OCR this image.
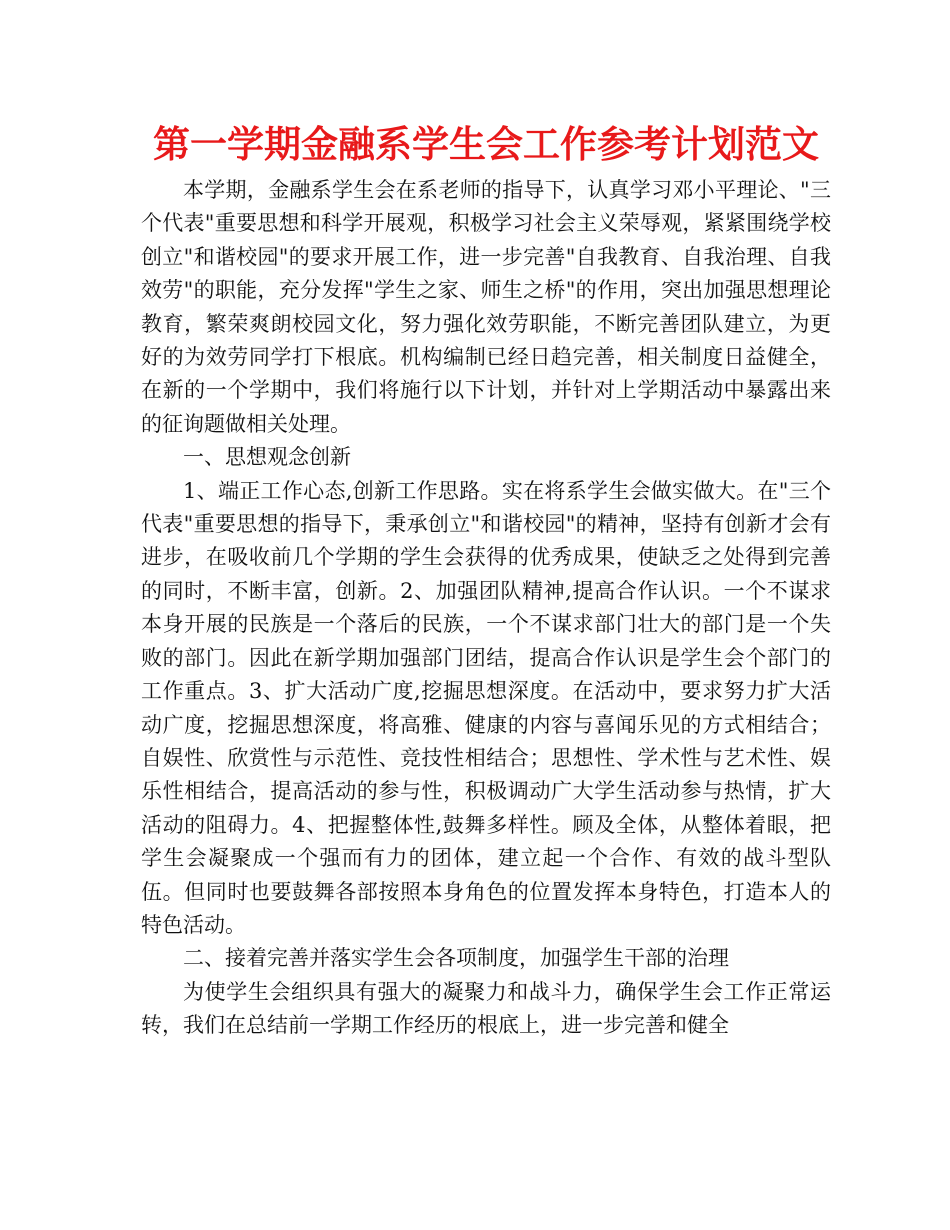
第一学期金融系学生会工作参考计划范文

本学期，金融系学生会在系老师的指导下，认真学习邓小平理论、"三个代表"重要思想和科学开展观，积极学习社会主义荣辱观，紧紧围绕学校创立"和谐校园"的要求开展工作，进一步完善"自我教育、自我治理、自我效劳"的职能，充分发挥"学生之家、师生之桥"的作用，突出加强思想理论教育，繁荣爽朗校园文化，努力强化效劳职能，不断完善团队建立，为更好的为效劳同学打下根底。机构编制已经日趋完善，相关制度日益健全，在新的一个学期中，我们将施行以下计划，并针对上学期活动中暴露出来的征询题做相关处理。

一、思想观念创新

1、端正工作心态,创新工作思路。实在将系学生会做实做大。在"三个代表"重要思想的指导下，秉承创立"和谐校园"的精神，坚持有创新才会有进步，在吸收前几个学期的学生会获得的优秀成果，使缺乏之处得到完善的同时，不断丰富，创新。2、加强团队精神,提高合作认识。一个不谋求本身开展的民族是一个落后的民族，一个不谋求部门壮大的部门是一个失败的部门。因此在新学期加强部门团结，提高合作认识是学生会个部门的工作重点。3、扩大活动广度,挖掘思想深度。在活动中，要求努力扩大活动广度，挖掘思想深度，将高雅、健康的内容与喜闻乐见的方式相结合；自娱性、欣赏性与示范性、竞技性相结合；思想性、学术性与艺术性、娱乐性相结合，提高活动的参与性，积极调动广大学生活动参与热情，扩大活动的阻碍力。4、把握整体性,鼓舞多样性。顾及全体，从整体着眼，把学生会凝聚成一个强而有力的团体，建立起一个合作、有效的战斗型队伍。但同时也要鼓舞各部按照本身角色的位置发挥本身特色，打造本人的特色活动。

二、接着完善并落实学生会各项制度，加强学生干部的治理

为使学生会组织具有强大的凝聚力和战斗力，确保学生会工作正常运转，我们在总结前一学期工作经历的根底上，进一步完善和健全
